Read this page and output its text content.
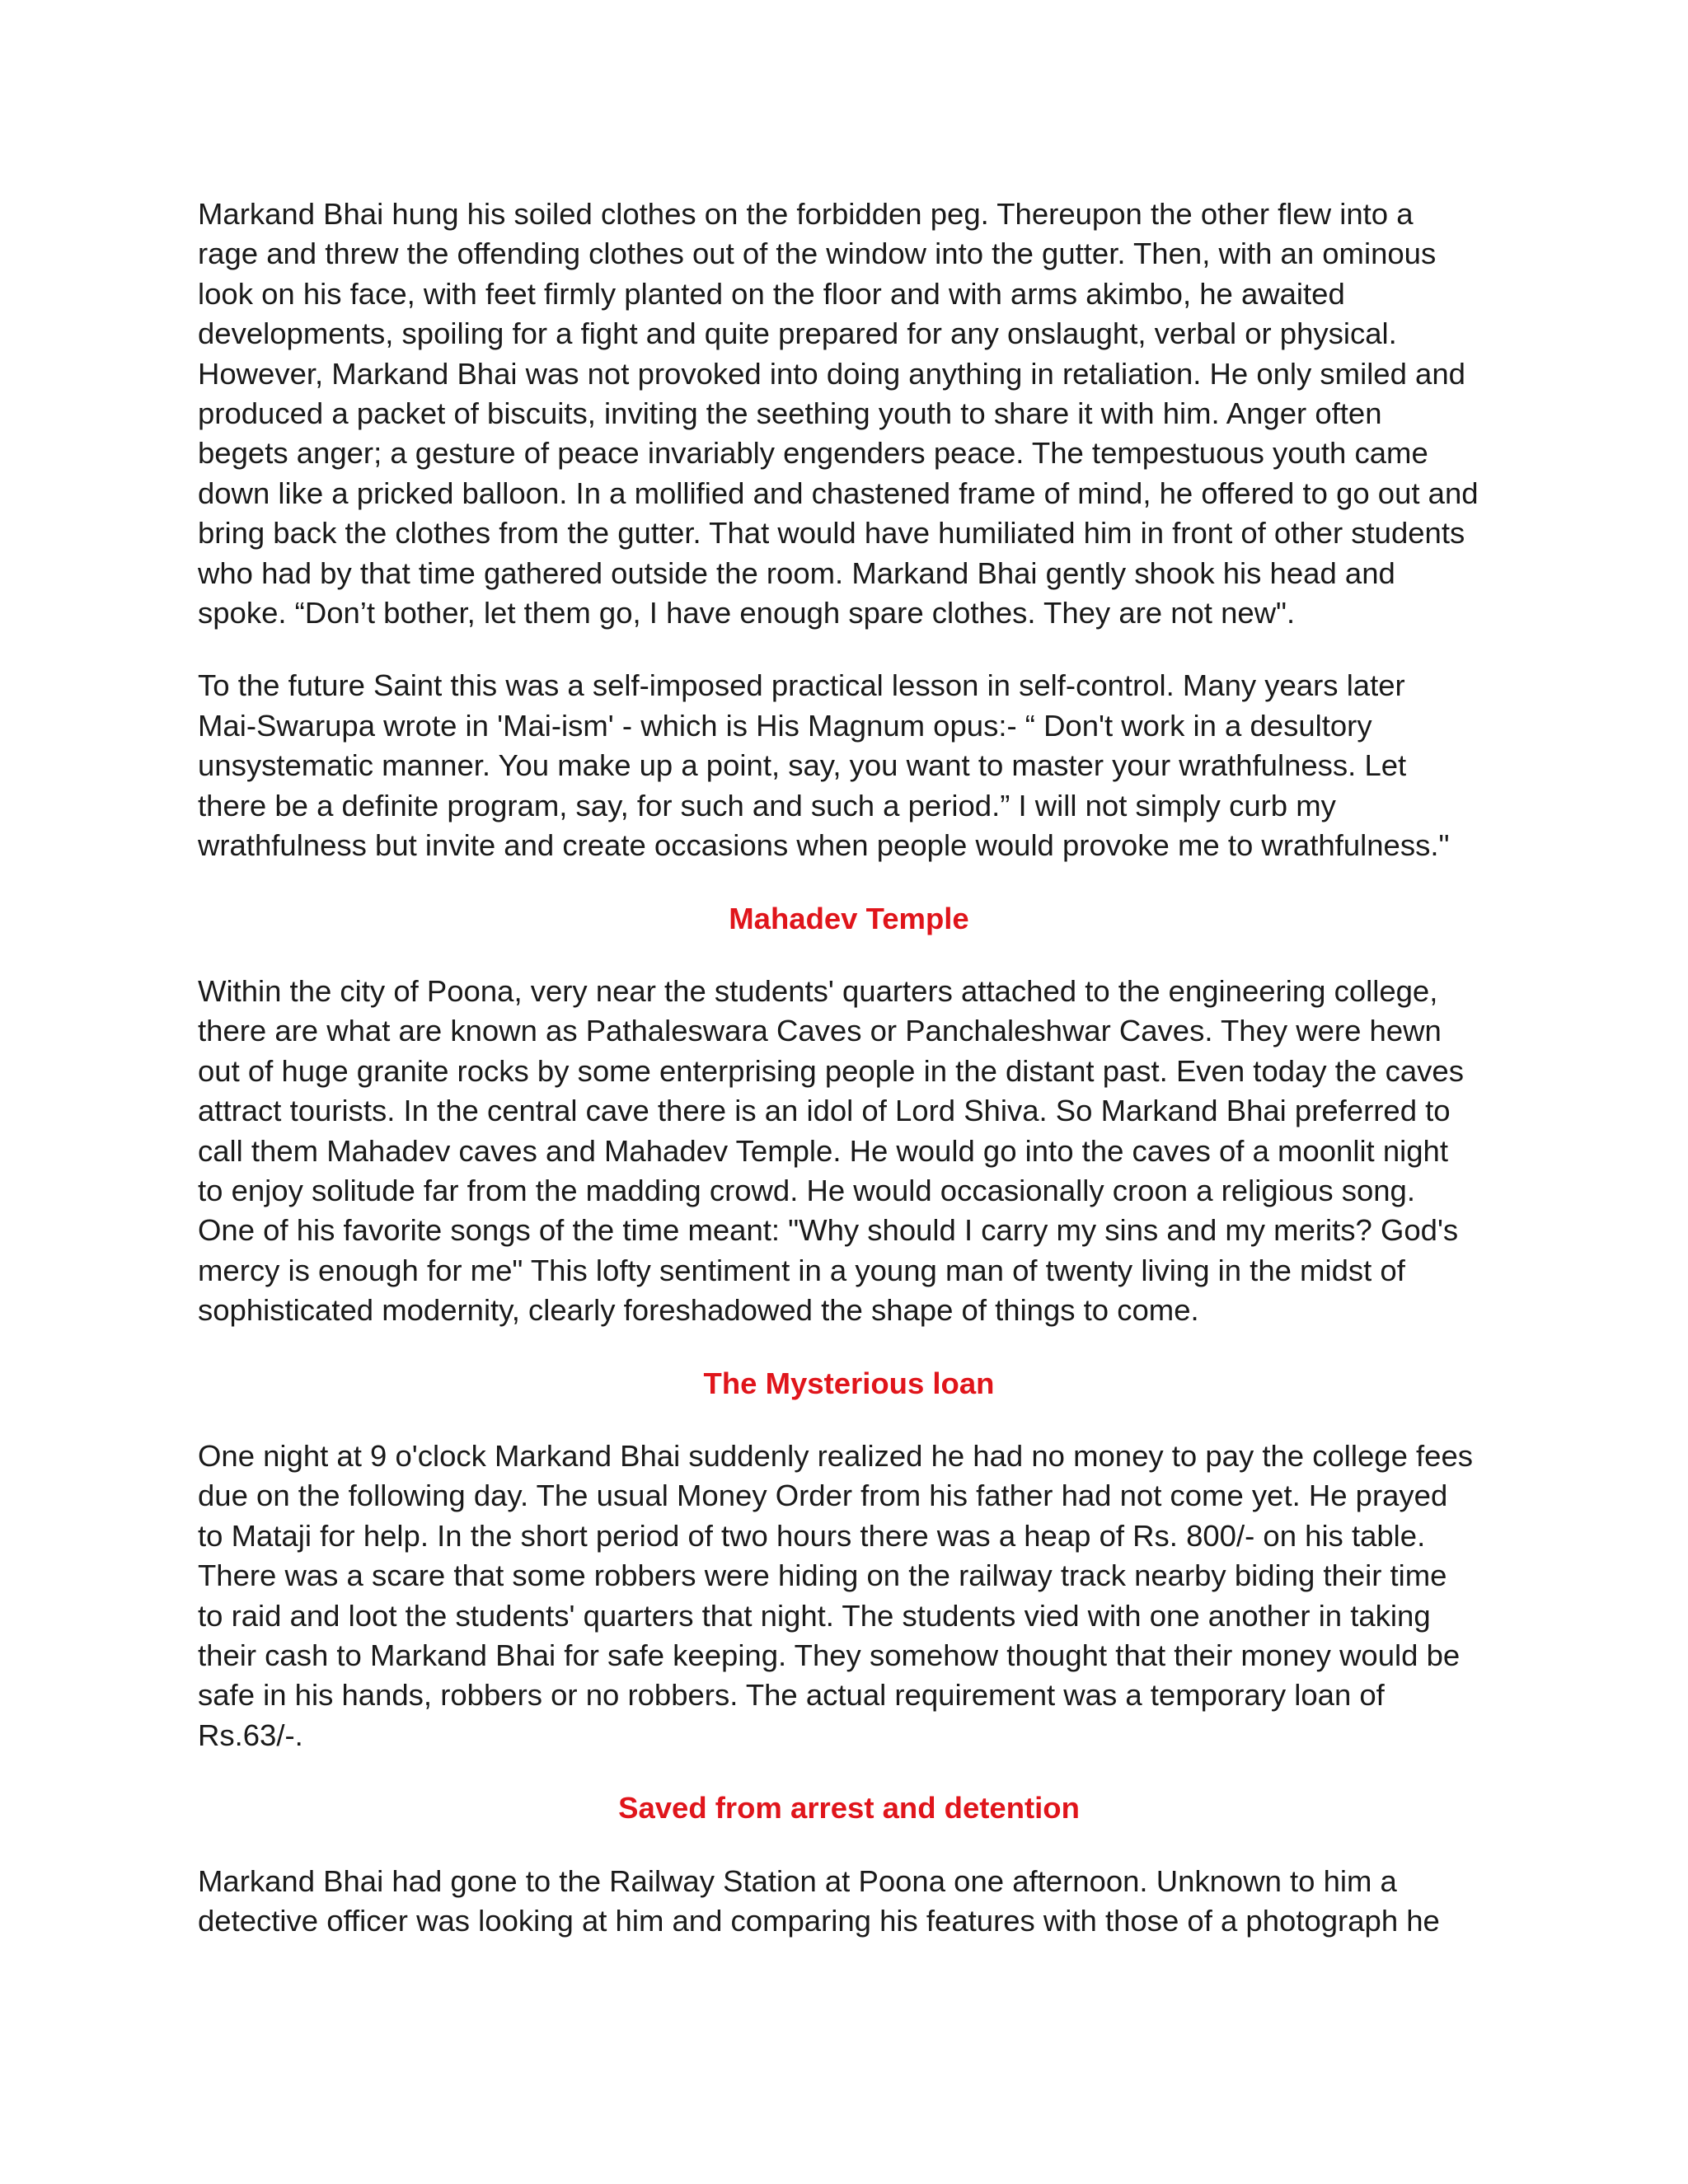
Markand Bhai hung his soiled clothes on the forbidden peg. Thereupon the other flew into a
rage and threw the offending clothes out of the window into the gutter. Then, with an ominous
look on his face, with feet firmly planted on the floor and with arms akimbo, he awaited
developments, spoiling for a fight and quite prepared for any onslaught, verbal or physical.
However, Markand Bhai was not provoked into doing anything in retaliation. He only smiled and
produced a packet of biscuits, inviting the seething youth to share it with him. Anger often
begets anger; a gesture of peace invariably engenders peace. The tempestuous youth came
down like a pricked balloon. In a mollified and chastened frame of mind, he offered to go out and
bring back the clothes from the gutter. That would have humiliated him in front of other students
who had by that time gathered outside the room. Markand Bhai gently shook his head and
spoke. “Don’t bother, let them go, I have enough spare clothes. They are not new".

To the future Saint this was a self-imposed practical lesson in self-control. Many years later
Mai-Swarupa wrote in 'Mai-ism' - which is His Magnum opus:- “ Don't work in a desultory
unsystematic manner. You make up a point, say, you want to master your wrathfulness. Let
there be a definite program, say, for such and such a period.” I will not simply curb my
wrathfulness but invite and create occasions when people would provoke me to wrathfulness."

Mahadev Temple

Within the city of Poona, very near the students' quarters attached to the engineering college,
there are what are known as Pathaleswara Caves or Panchaleshwar Caves. They were hewn
out of huge granite rocks by some enterprising people in the distant past. Even today the caves
attract tourists. In the central cave there is an idol of Lord Shiva. So Markand Bhai preferred to
call them Mahadev caves and Mahadev Temple. He would go into the caves of a moonlit night
to enjoy solitude far from the madding crowd. He would occasionally croon a religious song.
One of his favorite songs of the time meant: "Why should I carry my sins and my merits? God's
mercy is enough for me" This lofty sentiment in a young man of twenty living in the midst of
sophisticated modernity, clearly foreshadowed the shape of things to come.

The Mysterious loan

One night at 9 o'clock Markand Bhai suddenly realized he had no money to pay the college fees
due on the following day. The usual Money Order from his father had not come yet. He prayed
to Mataji for help. In the short period of two hours there was a heap of Rs. 800/- on his table.
There was a scare that some robbers were hiding on the railway track nearby biding their time
to raid and loot the students' quarters that night. The students vied with one another in taking
their cash to Markand Bhai for safe keeping. They somehow thought that their money would be
safe in his hands, robbers or no robbers. The actual requirement was a temporary loan of
Rs.63/-.

Saved from arrest and detention

Markand Bhai had gone to the Railway Station at Poona one afternoon. Unknown to him a
detective officer was looking at him and comparing his features with those of a photograph he
